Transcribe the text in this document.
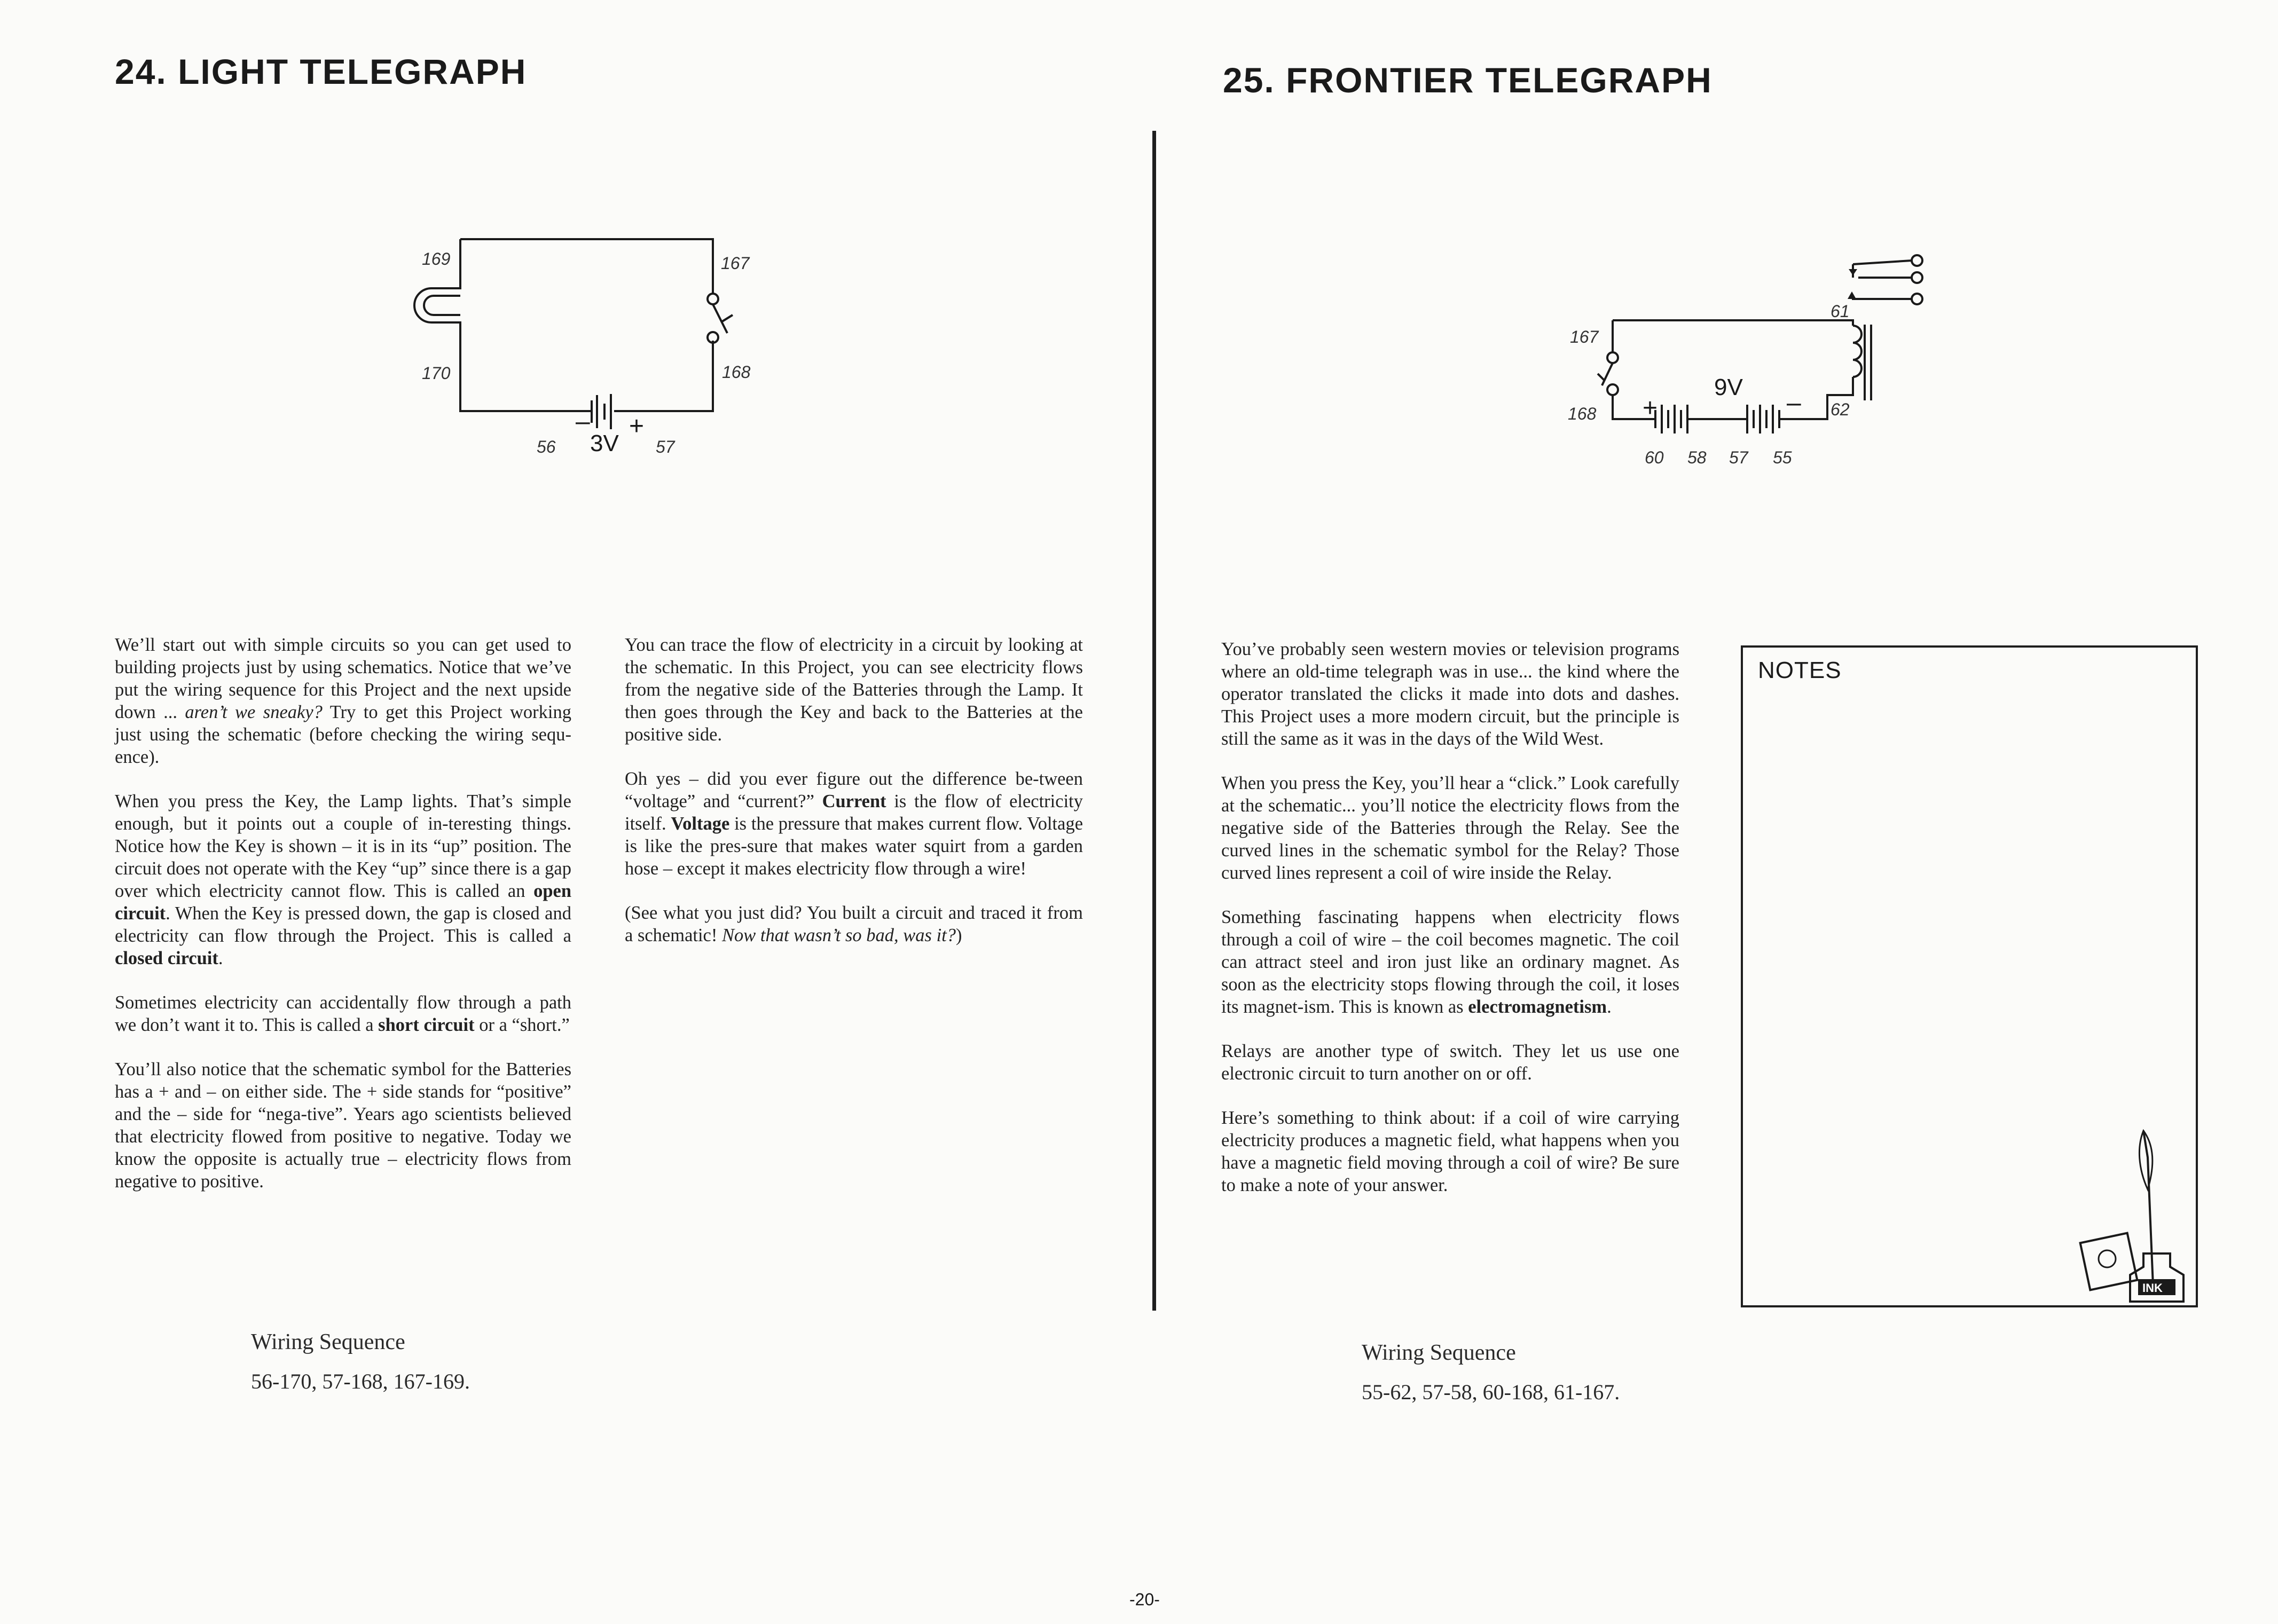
24. LIGHT TELEGRAPH
169	167
170	168
56	57
– +
3V

We’ll start out with simple circuits so you can get used to building projects just by using schematics. Notice that we’ve put the wiring sequence for this Project and the next upside down ... aren’t we sneaky? Try to get this Project working just using the schematic (before checking the wiring sequ-ence).

When you press the Key, the Lamp lights. That’s simple enough, but it points out a couple of in-teresting things. Notice how the Key is shown – it is in its “up” position. The circuit does not operate with the Key “up” since there is a gap over which electricity cannot flow. This is called an open circuit. When the Key is pressed down, the gap is closed and electricity can flow through the Project. This is called a closed circuit.

Sometimes electricity can accidentally flow through a path we don’t want it to. This is called a short circuit or a “short.”

You’ll also notice that the schematic symbol for the Batteries has a + and – on either side. The + side stands for “positive” and the – side for “nega-tive”. Years ago scientists believed that electricity flowed from positive to negative. Today we know the opposite is actually true – electricity flows from negative to positive.

You can trace the flow of electricity in a circuit by looking at the schematic. In this Project, you can see electricity flows from the negative side of the Batteries through the Lamp. It then goes through the Key and back to the Batteries at the positive side.

Oh yes – did you ever figure out the difference be-tween “voltage” and “current?” Current is the flow of electricity itself. Voltage is the pressure that makes current flow. Voltage is like the pres-sure that makes water squirt from a garden hose – except it makes electricity flow through a wire!

(See what you just did? You built a circuit and traced it from a schematic! Now that wasn’t so bad, was it?)

Wiring Sequence

56-170, 57-168, 167-169.

25. FRONTIER TELEGRAPH
167
168
61
62
60 58 57 55
+	–
9V

You’ve probably seen western movies or television programs where an old-time telegraph was in use... the kind where the operator translated the clicks it made into dots and dashes. This Project uses a more modern circuit, but the principle is still the same as it was in the days of the Wild West.

When you press the Key, you’ll hear a “click.” Look carefully at the schematic... you’ll notice the electricity flows from the negative side of the Batteries through the Relay. See the curved lines in the schematic symbol for the Relay? Those curved lines represent a coil of wire inside the Relay.

Something fascinating happens when electricity flows through a coil of wire – the coil becomes magnetic. The coil can attract steel and iron just like an ordinary magnet. As soon as the electricity stops flowing through the coil, it loses its magnet-ism. This is known as electromagnetism.

Relays are another type of switch. They let us use one electronic circuit to turn another on or off.

Here’s something to think about: if a coil of wire carrying electricity produces a magnetic field, what happens when you have a magnetic field moving through a coil of wire? Be sure to make a note of your answer.

NOTES
INK

Wiring Sequence

55-62, 57-58, 60-168, 61-167.

-20-
